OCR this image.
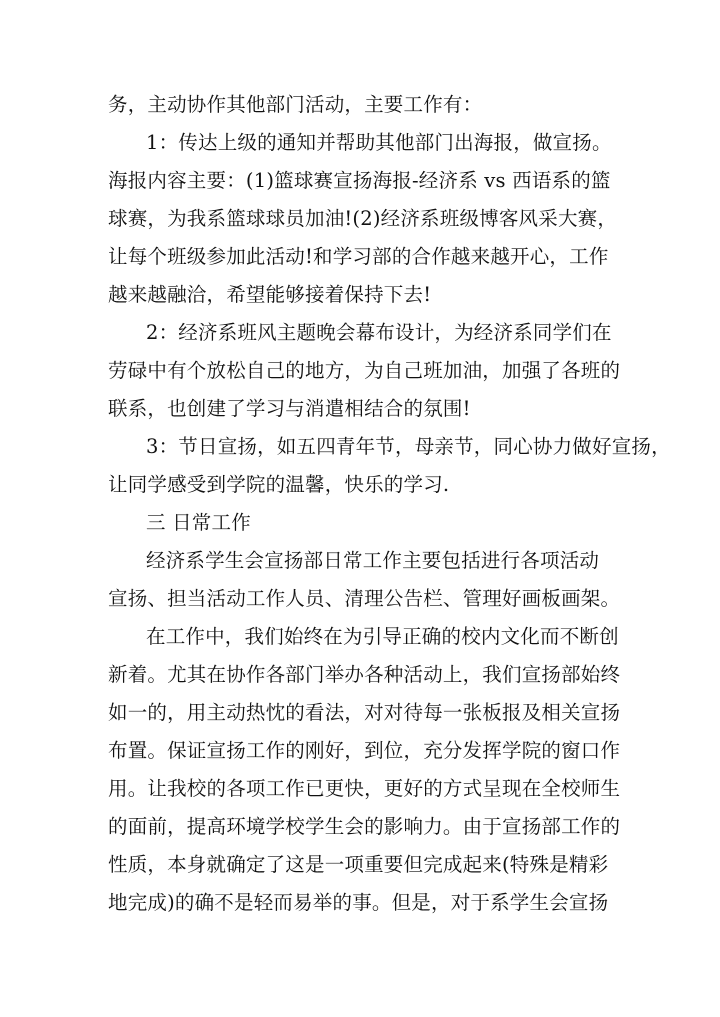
务，主动协作其他部门活动，主要工作有：
1：传达上级的通知并帮助其他部门出海报，做宣扬。
海报内容主要：(1)篮球赛宣扬海报-经济系 vs 西语系的篮
球赛，为我系篮球球员加油!(2)经济系班级博客风采大赛，
让每个班级参加此活动!和学习部的合作越来越开心，工作
越来越融洽，希望能够接着保持下去!
2：经济系班风主题晚会幕布设计，为经济系同学们在
劳碌中有个放松自己的地方，为自己班加油，加强了各班的
联系，也创建了学习与消遣相结合的氛围!
3：节日宣扬，如五四青年节，母亲节，同心协力做好宣扬，
让同学感受到学院的温馨，快乐的学习.
三 日常工作
经济系学生会宣扬部日常工作主要包括进行各项活动
宣扬、担当活动工作人员、清理公告栏、管理好画板画架。
在工作中，我们始终在为引导正确的校内文化而不断创
新着。尤其在协作各部门举办各种活动上，我们宣扬部始终
如一的，用主动热忱的看法，对对待每一张板报及相关宣扬
布置。保证宣扬工作的刚好，到位，充分发挥学院的窗口作
用。让我校的各项工作已更快，更好的方式呈现在全校师生
的面前，提高环境学校学生会的影响力。由于宣扬部工作的
性质，本身就确定了这是一项重要但完成起来(特殊是精彩
地完成)的确不是轻而易举的事。但是，对于系学生会宣扬
